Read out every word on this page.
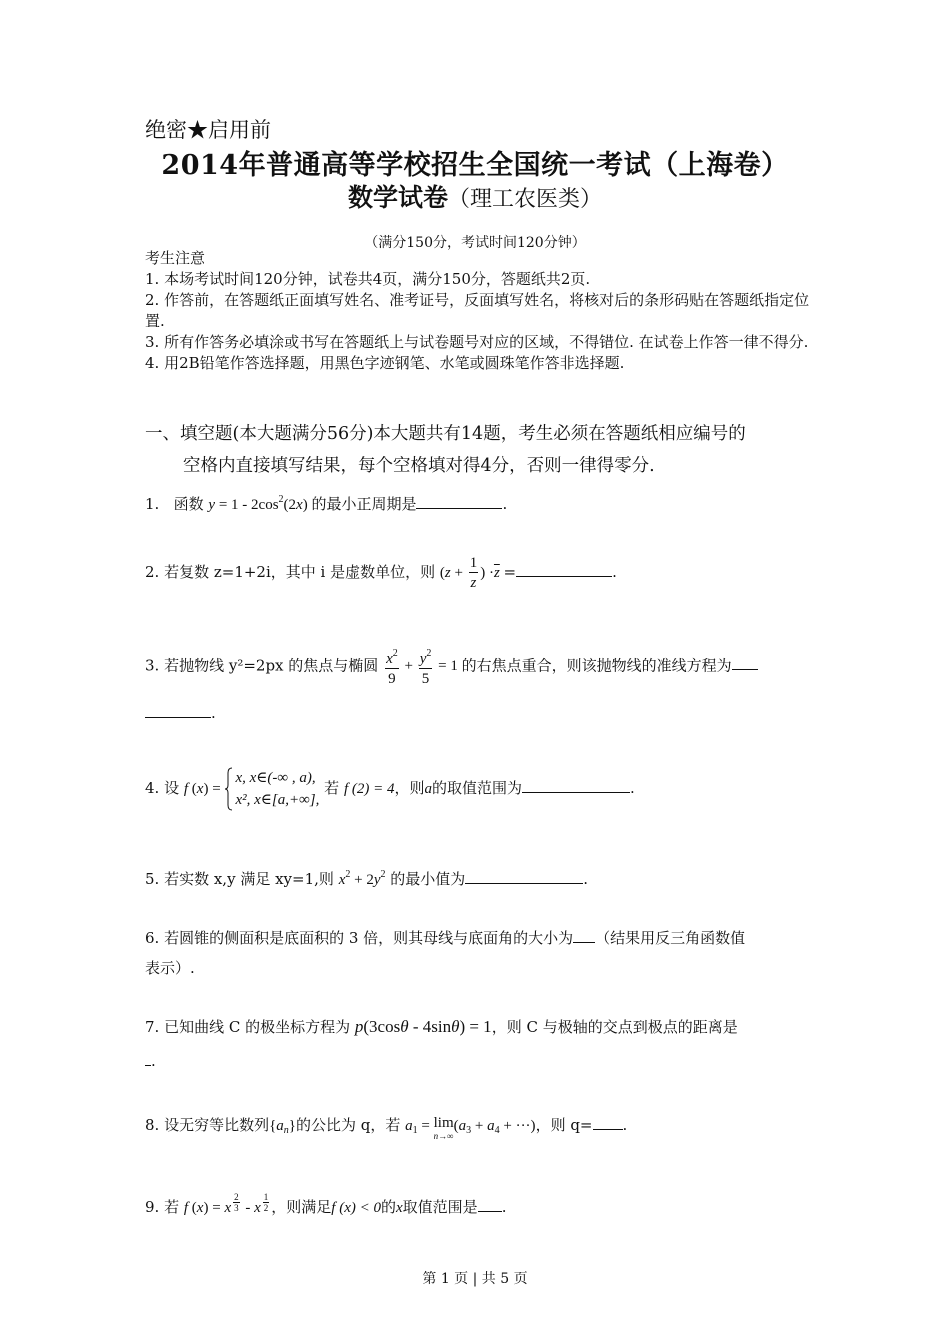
绝密★启用前
2014年普通高等学校招生全国统一考试（上海卷）
数学试卷（理工农医类）
（满分150分，考试时间120分钟）

考生注意

1. 本场考试时间120分钟，试卷共4页，满分150分，答题纸共2页.

2. 作答前，在答题纸正面填写姓名、准考证号，反面填写姓名，将核对后的条形码贴在答题纸指定位置.

3. 所有作答务必填涂或书写在答题纸上与试卷题号对应的区域，不得错位. 在试卷上作答一律不得分.

4. 用2B铅笔作答选择题，用黑色字迹钢笔、水笔或圆珠笔作答非选择题.

一、填空题(本大题满分56分)本大题共有14题，考生必须在答题纸相应编号的
空格内直接填写结果，每个空格填对得4分，否则一律得零分.
1. 函数 $y = 1 - 2\cos^2(2x)$ 的最小正周期是	.
2. 若复数 z=1+2i，其中 i 是虚数单位，则 ($z + \frac{1}{z}$ ) $\cdot\overline{z}$ =	.
3. 若抛物线 y²=2px 的焦点与椭圆 $\frac{x^2}{9} + \frac{y^2}{5} = 1$ 的右焦点重合，则该抛物线的准线方程为
.
4. 设 f (x) =
x, x∈(-∞ , a),
x², x∈[a,+∞],
若 f (2) = 4，则a的取值范围为	.
5. 若实数 x,y 满足 xy=1,则 $x^2 + 2y^2$ 的最小值为	.
6. 若圆锥的侧面积是底面积的 3 倍，则其母线与底面角的大小为 （结果用反三角函数值
表示）.
7. 已知曲线 C 的极坐标方程为 p(3cosθ - 4sinθ) = 1，则 C 与极轴的交点到极点的距离是
.
8. 设无穷等比数列$\{a_n\}$的公比为 q，若 $a_1 = \lim$

n→∞
($a_3 + a_4$ + ···)，则 q= .
9. 若 f (x) = x $^{\frac{2}{3}}$ - x $^{\frac{1}{2}}$ ，则满足f (x) < 0的x取值范围是 .
第 1 页 | 共 5 页
